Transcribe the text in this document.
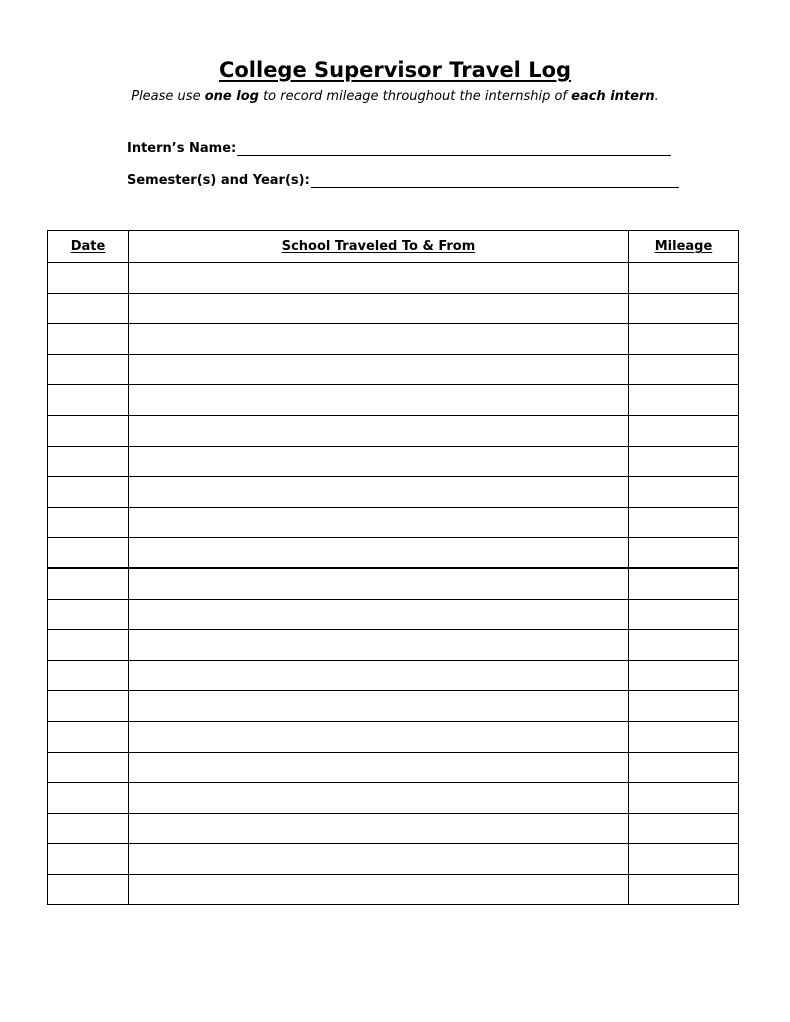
College Supervisor Travel Log
Please use one log to record mileage throughout the internship of each intern.
Intern’s Name:
Semester(s) and Year(s):
Date	School Traveled To & From	Mileage
